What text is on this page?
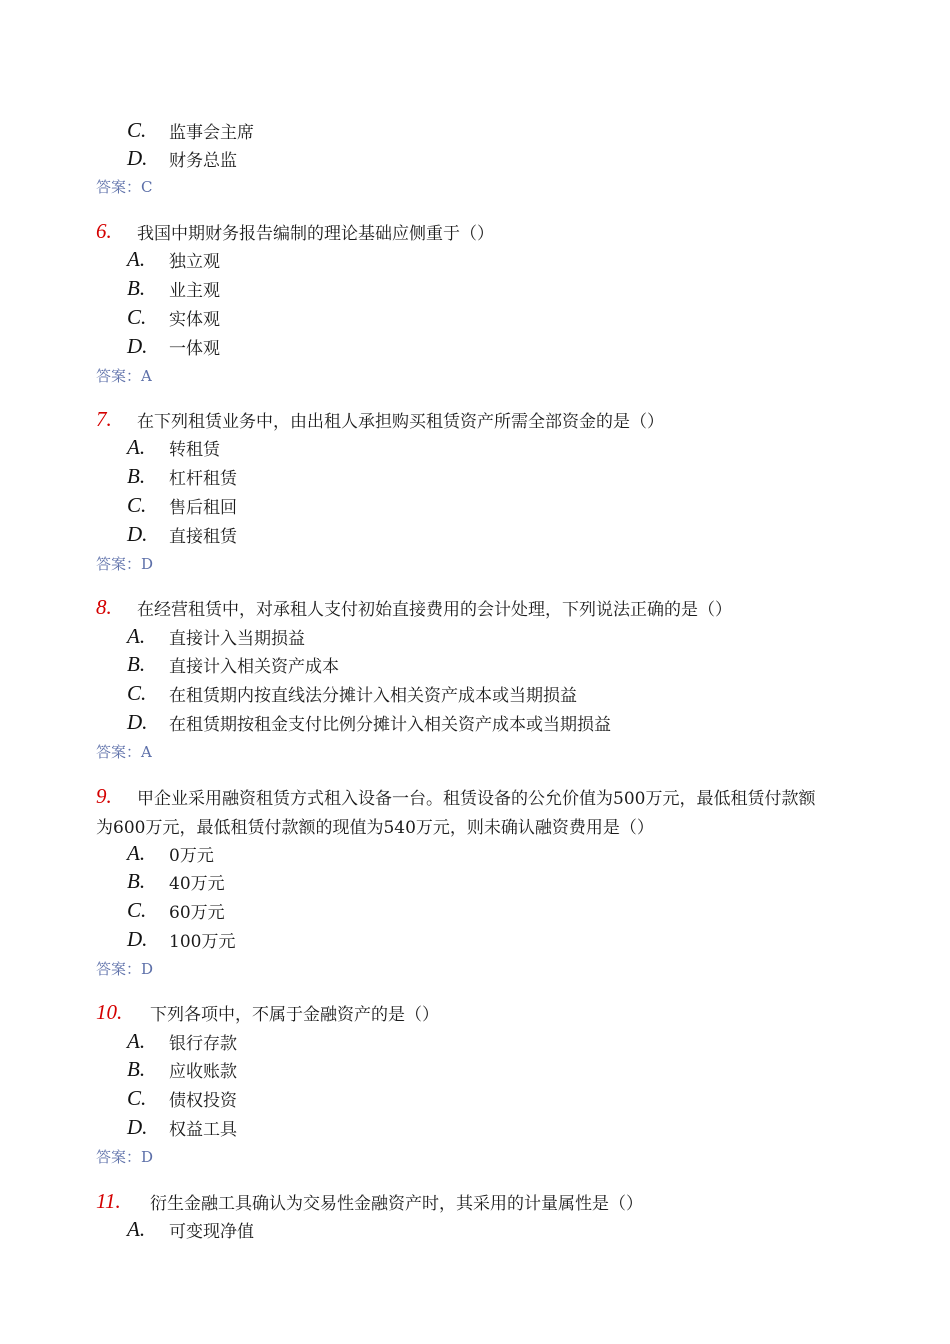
C.	监事会主席
D.	财务总监
答案：C
6.	我国中期财务报告编制的理论基础应侧重于（）
A.	独立观
B.	业主观
C.	实体观
D.	一体观
答案：A
7.	在下列租赁业务中，由出租人承担购买租赁资产所需全部资金的是（）
A.	转租赁
B.	杠杆租赁
C.	售后租回
D.	直接租赁
答案：D
8.	在经营租赁中，对承租人支付初始直接费用的会计处理，下列说法正确的是（）
A.	直接计入当期损益
B.	直接计入相关资产成本
C.	在租赁期内按直线法分摊计入相关资产成本或当期损益
D.	在租赁期按租金支付比例分摊计入相关资产成本或当期损益
答案：A
9.	甲企业采用融资租赁方式租入设备一台。租赁设备的公允价值为500万元，最低租赁付款额
为600万元，最低租赁付款额的现值为540万元，则未确认融资费用是（）
A.	0万元
B.	40万元
C.	60万元
D.	100万元
答案：D
10.	下列各项中，不属于金融资产的是（）
A.	银行存款
B.	应收账款
C.	债权投资
D.	权益工具
答案：D
11.	衍生金融工具确认为交易性金融资产时，其采用的计量属性是（）
A.	可变现净值
